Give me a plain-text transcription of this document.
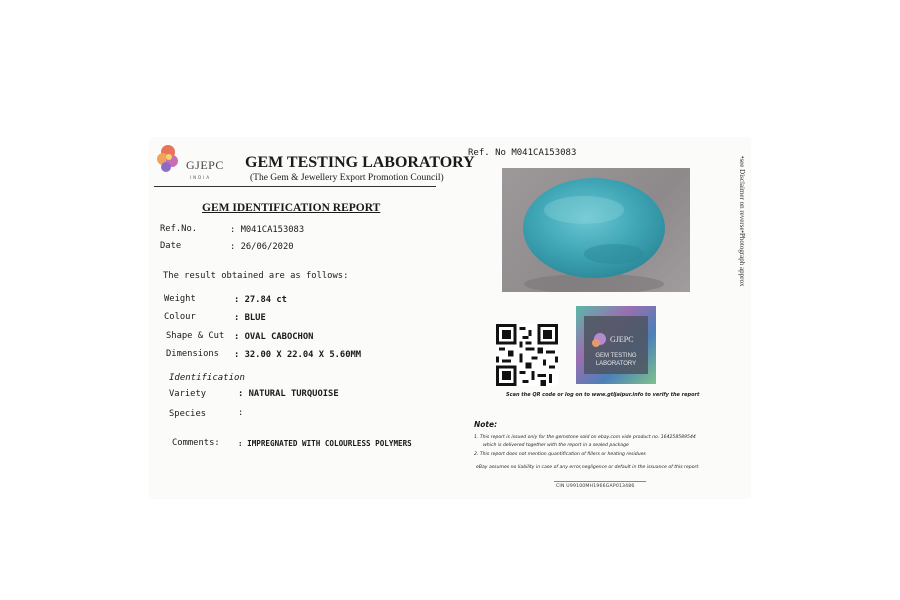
GJEPC
INDIA
GEM TESTING LABORATORY
(The Gem & Jewellery Export Promotion Council)
GEM IDENTIFICATION REPORT
Ref.No.	: M041CA153083
Date	: 26/06/2020
The result obtained are as follows:
Weight	: 27.84 ct
Colour	: BLUE
Shape & Cut : OVAL CABOCHON
Dimensions : 32.00 X 22.04 X 5.60MM
Identification
Variety	: NATURAL TURQUOISE
Species	:
Comments: : IMPREGNATED WITH COLOURLESS POLYMERS
Ref. No M041CA153083
GJEPC
GEM TESTING
LABORATORY
Scan the QR code or log on to www.gtljaipur.info to verify the report
Note:
1. This report is issued only for the gemstone sold on ebay.com vide product no. 164258589544
which is delivered together with the report in a sealed package
2. This report does not mention quantification of fillers or heating residues
eBay assumes no liability in case of any error,negligence or default in the issuance of this report.
CIN U99100MH1966GAP013486
•see Disclaimer on reverse•Photograph approx
